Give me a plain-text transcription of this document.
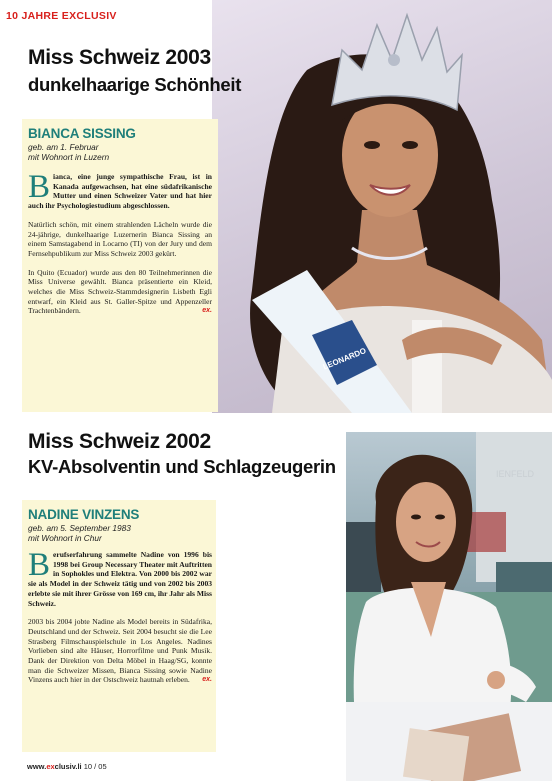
10 JAHRE EXCLUSIV
LEONARDO
Miss Schweiz 2003
dunkelhaarige Schönheit
BIANCA SISSING
geb. am 1. Februar
mit Wohnort in Luzern

Bianca, eine junge sympathische Frau, ist in Kanada aufgewachsen, hat eine südafrikanische Mutter und einen Schweizer Vater und hat hier auch ihr Psychologiestudium abgeschlossen.

Natürlich schön, mit einem strahlenden Lächeln wurde die 24-jährige, dunkelhaarige Luzernerin Bianca Sissing an einem Samstagabend in Locarno (TI) von der Jury und dem Fernsehpublikum zur Miss Schweiz 2003 gekürt.

In Quito (Ecuador) wurde aus den 80 Teilnehmerinnen die Miss Universe gewählt. Bianca präsentierte ein Kleid, welches die Miss Schweiz-Stammdesignerin Lisbeth Egli entwarf, ein Kleid aus St. Galler-Spitze und Appenzeller Trachtenbändern.	ex.

Miss Schweiz 2002
KV-Absolventin und Schlagzeugerin	IENFELD
NADINE VINZENS
geb. am 5. September 1983
mit Wohnort in Chur

Berufserfahrung sammelte Nadine von 1996 bis 1998 bei Group Necessary Theater mit Auftritten in Sophokles und Elektra. Von 2000 bis 2002 war sie als Model in der Schweiz tätig und von 2002 bis 2003 erlebte sie mit ihrer Grösse von 169 cm, ihr Jahr als Miss Schweiz.

2003 bis 2004 jobte Nadine als Model bereits in Südafrika, Deutschland und der Schweiz. Seit 2004 besucht sie die Lee Strasberg Filmschauspielschule in Los Angeles. Nadines Vorlieben sind alte Häuser, Horrorfilme und Punk Musik. Dank der Direktion von Delta Möbel in Haag/SG, konnte man die Schweizer Missen, Bianca Sissing sowie Nadine Vinzens auch hier in der Ostschweiz hautnah erleben. ex.

www.exclusiv.li 10 / 05
